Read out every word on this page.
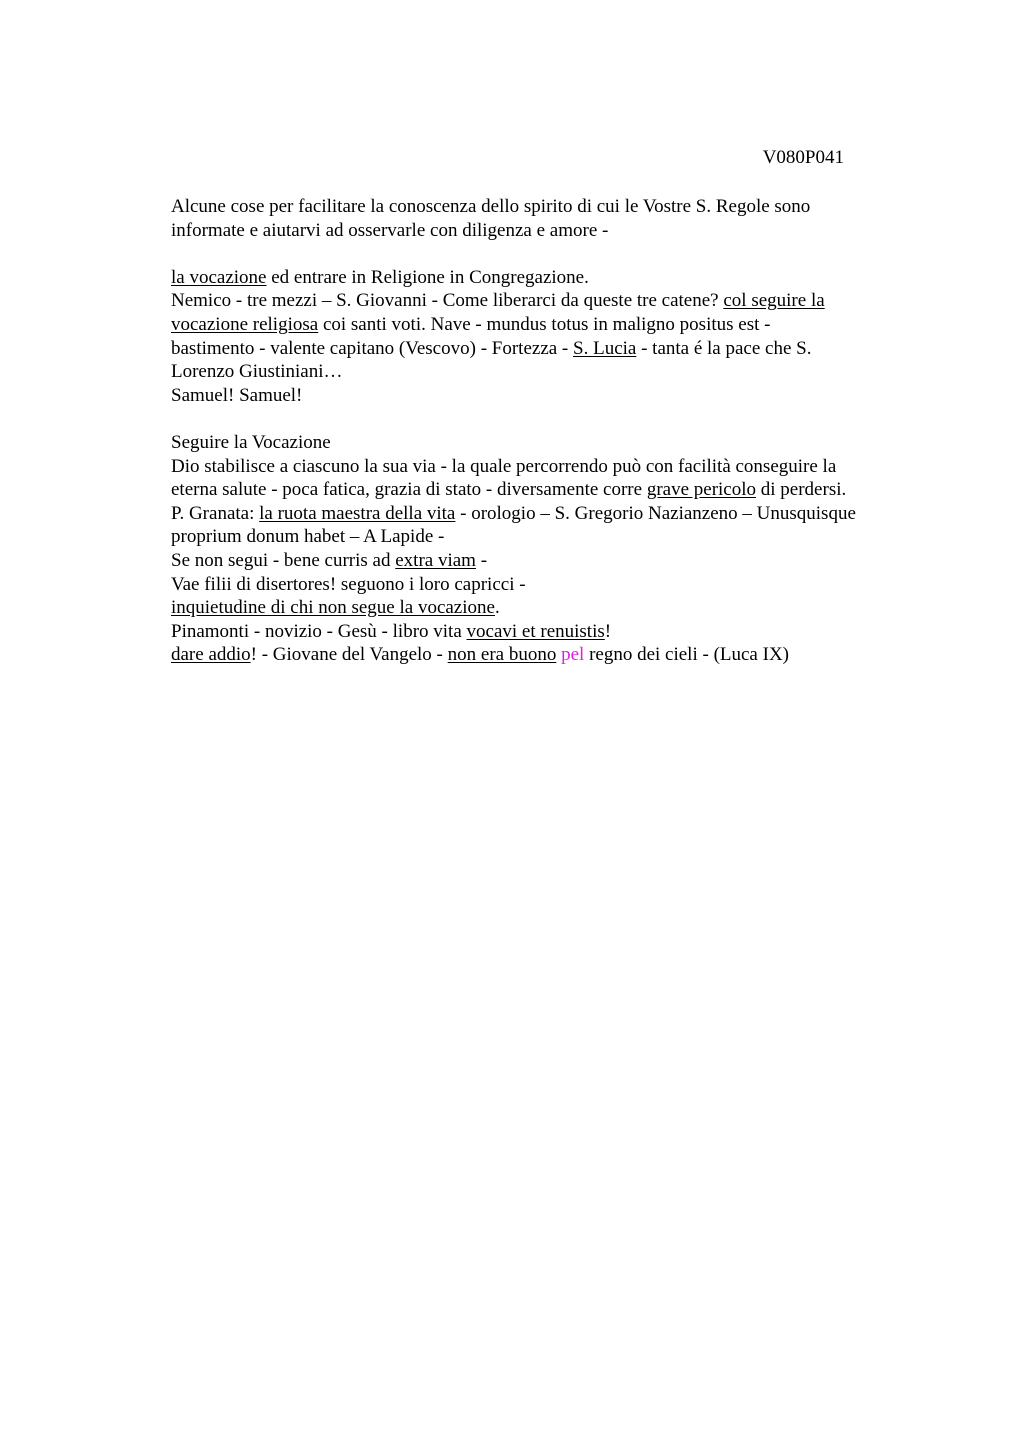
V080P041
Alcune cose per facilitare la conoscenza dello spirito di cui le Vostre S. Regole sono
informate e aiutarvi ad osservarle con diligenza e amore -
la vocazione ed entrare in Religione in Congregazione.
Nemico - tre mezzi – S. Giovanni - Come liberarci da queste tre catene? col seguire la
vocazione religiosa coi santi voti. Nave - mundus totus in maligno positus est -
bastimento - valente capitano (Vescovo) - Fortezza - S. Lucia - tanta é la pace che S.
Lorenzo Giustiniani…
Samuel! Samuel!
Seguire la Vocazione
Dio stabilisce a ciascuno la sua via - la quale percorrendo può con facilità conseguire la
eterna salute - poca fatica, grazia di stato - diversamente corre grave pericolo di perdersi.
P. Granata: la ruota maestra della vita - orologio – S. Gregorio Nazianzeno – Unusquisque
proprium donum habet – A Lapide -
Se non segui - bene curris ad extra viam -
Vae filii di disertores! seguono i loro capricci -
inquietudine di chi non segue la vocazione.
Pinamonti - novizio - Gesù - libro vita vocavi et renuistis!
dare addio! - Giovane del Vangelo - non era buono pel regno dei cieli - (Luca IX)
